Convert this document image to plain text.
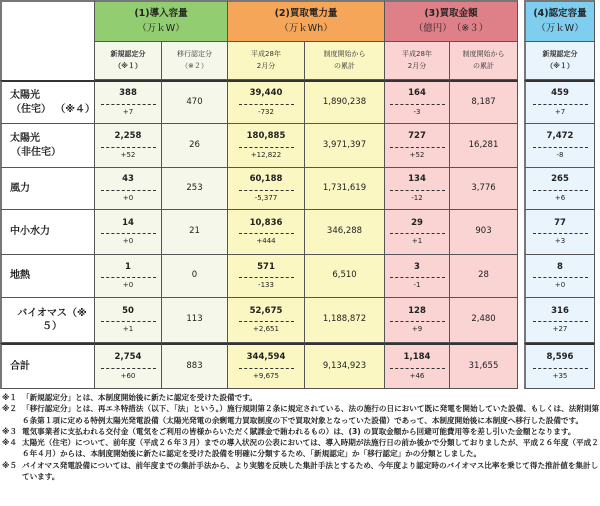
(1)導入容量
（万ｋW）
(2)買取電力量
（万ｋWh）
(3)買取金額
（億円）　（※３）
(4)認定容量
（万ｋW）
新規認定分
（※１）
移行認定分
（※２）
平成28年
2月分
制度開始から
の累計
平成28年
2月分
制度開始から
の累計
新規認定分
（※１）
太陽光
（住宅） （※４）
388
+7
470
39,440
-732
1,890,238
164
-3
8,187
459
+7
太陽光
（非住宅）
2,258
+52
26
180,885
+12,822
3,971,397
727
+52
16,281
7,472
-8
風力
43
+0
253
60,188
-5,377
1,731,619
134
-12
3,776
265
+6
中小水力
14
+0
21
10,836
+444
346,288
29
+1
903
77
+3
地熱
1
+0
0
571
-133
6,510
3
-1
28
8
+0
バイオマス（※５）
50
+1
113
52,675
+2,651
1,188,872
128
+9
2,480
316
+27
合計
2,754
+60
883
344,594
+9,675
9,134,923
1,184
+46
31,655
8,596
+35
※１ 「新規認定分」とは、本制度開始後に新たに認定を受けた設備です。
※２ 「移行認定分」とは、再エネ特措法（以下、「法」という。）施行規則第２条に規定されている、法の施行の日において既に発電を開始していた設備、もしくは、法附則第６条第１項に定める特例太陽光発電設備（太陽光発電の余剰電力買取制度の下で買取対象となっていた設備）であって、本制度開始後に本制度へ移行した設備です。
※３ 電気事業者に支払われる交付金（電気をご利用の皆様からいただく賦課金で賄われるもの）は、(3) の買取金額から回避可能費用等を差し引いた金額となります。
※４ 太陽光（住宅）について、前年度（平成２６年３月）までの導入状況の公表においては、導入時期が法施行日の前か後かで分類しておりましたが、平成２６年度（平成２６年４月）からは、本制度開始後に新たに認定を受けた設備を明確に分類するため、「新規認定」か「移行認定」かの分類としました。
※５ バイオマス発電設備については、前年度までの集計手法から、より実態を反映した集計手法とするため、今年度より認定時のバイオマス比率を乗じて得た推計値を集計しています。
